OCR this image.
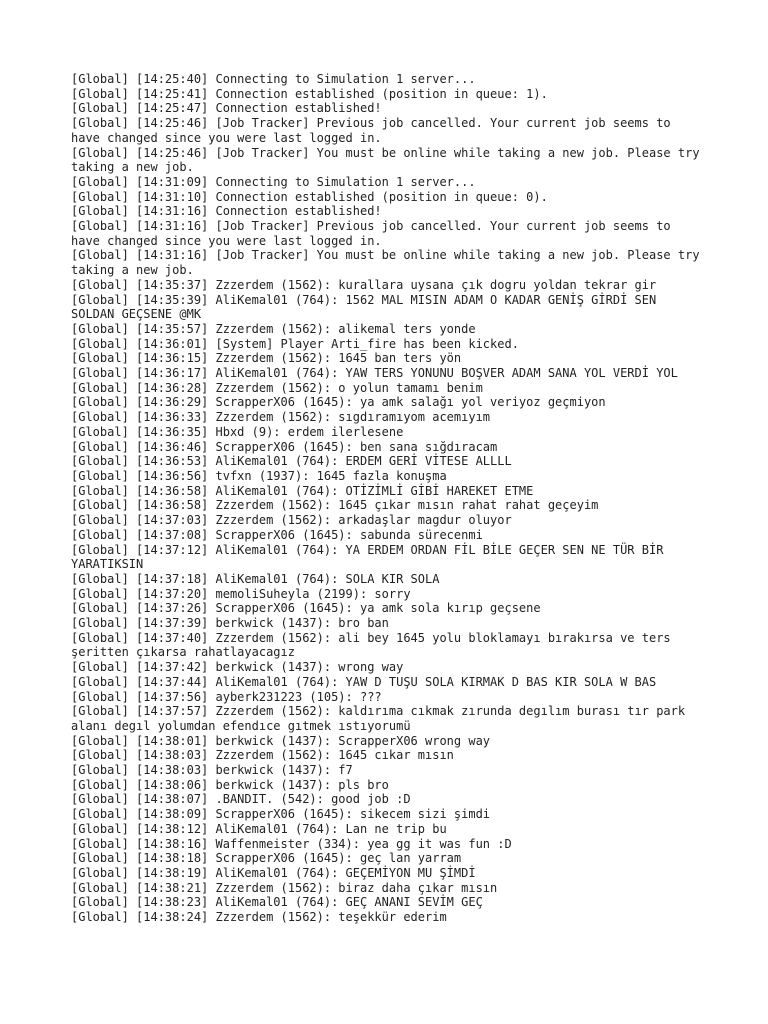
[Global] [14:25:40] Connecting to Simulation 1 server...
[Global] [14:25:41] Connection established (position in queue: 1).
[Global] [14:25:47] Connection established!
[Global] [14:25:46] [Job Tracker] Previous job cancelled. Your current job seems to have changed since you were last logged in.
[Global] [14:25:46] [Job Tracker] You must be online while taking a new job. Please try taking a new job.
[Global] [14:31:09] Connecting to Simulation 1 server...
[Global] [14:31:10] Connection established (position in queue: 0).
[Global] [14:31:16] Connection established!
[Global] [14:31:16] [Job Tracker] Previous job cancelled. Your current job seems to have changed since you were last logged in.
[Global] [14:31:16] [Job Tracker] You must be online while taking a new job. Please try taking a new job.
[Global] [14:35:37] Zzzerdem (1562): kurallara uysana çık dogru yoldan tekrar gir
[Global] [14:35:39] AliKemal01 (764): 1562 MAL MISIN ADAM O KADAR GENİŞ GİRDİ SEN SOLDAN GEÇSENE @MK
[Global] [14:35:57] Zzzerdem (1562): alikemal ters yonde
[Global] [14:36:01] [System] Player Arti_fire has been kicked.
[Global] [14:36:15] Zzzerdem (1562): 1645 ban ters yön
[Global] [14:36:17] AliKemal01 (764): YAW TERS YONUNU BOŞVER ADAM SANA YOL VERDİ YOL
[Global] [14:36:28] Zzzerdem (1562): o yolun tamamı benim
[Global] [14:36:29] ScrapperX06 (1645): ya amk salağı yol veriyoz geçmiyon
[Global] [14:36:33] Zzzerdem (1562): sıgdıramıyom acemıyım
[Global] [14:36:35] Hbxd (9): erdem ilerlesene
[Global] [14:36:46] ScrapperX06 (1645): ben sana sığdıracam
[Global] [14:36:53] AliKemal01 (764): ERDEM GERİ VİTESE ALLLL
[Global] [14:36:56] tvfxn (1937): 1645 fazla konuşma
[Global] [14:36:58] AliKemal01 (764): OTİZİMLİ GİBİ HAREKET ETME
[Global] [14:36:58] Zzzerdem (1562): 1645 çıkar mısın rahat rahat geçeyim
[Global] [14:37:03] Zzzerdem (1562): arkadaşlar magdur oluyor
[Global] [14:37:08] ScrapperX06 (1645): sabunda sürecenmi
[Global] [14:37:12] AliKemal01 (764): YA ERDEM ORDAN FİL BİLE GEÇER SEN NE TÜR BİR YARATIKSIN
[Global] [14:37:18] AliKemal01 (764): SOLA KIR SOLA
[Global] [14:37:20] memoliSuheyla (2199): sorry
[Global] [14:37:26] ScrapperX06 (1645): ya amk sola kırıp geçsene
[Global] [14:37:39] berkwick (1437): bro ban
[Global] [14:37:40] Zzzerdem (1562): ali bey 1645 yolu bloklamayı bırakırsa ve ters şeritten çıkarsa rahatlayacagız
[Global] [14:37:42] berkwick (1437): wrong way
[Global] [14:37:44] AliKemal01 (764): YAW D TUŞU SOLA KIRMAK D BAS KIR SOLA W BAS
[Global] [14:37:56] ayberk231223 (105): ???
[Global] [14:37:57] Zzzerdem (1562): kaldırıma cıkmak zırunda degılım burası tır park alanı degıl yolumdan efendıce gıtmek ıstıyorumü
[Global] [14:38:01] berkwick (1437): ScrapperX06 wrong way
[Global] [14:38:03] Zzzerdem (1562): 1645 cıkar mısın
[Global] [14:38:03] berkwick (1437): f7
[Global] [14:38:06] berkwick (1437): pls bro
[Global] [14:38:07] .BANDIT. (542): good job :D
[Global] [14:38:09] ScrapperX06 (1645): sikecem sizi şimdi
[Global] [14:38:12] AliKemal01 (764): Lan ne trip bu
[Global] [14:38:16] Waffenmeister (334): yea gg it was fun :D
[Global] [14:38:18] ScrapperX06 (1645): geç lan yarram
[Global] [14:38:19] AliKemal01 (764): GEÇEMİYON MU ŞİMDİ
[Global] [14:38:21] Zzzerdem (1562): biraz daha çıkar mısın
[Global] [14:38:23] AliKemal01 (764): GEÇ ANANI SEVİM GEÇ
[Global] [14:38:24] Zzzerdem (1562): teşekkür ederim
